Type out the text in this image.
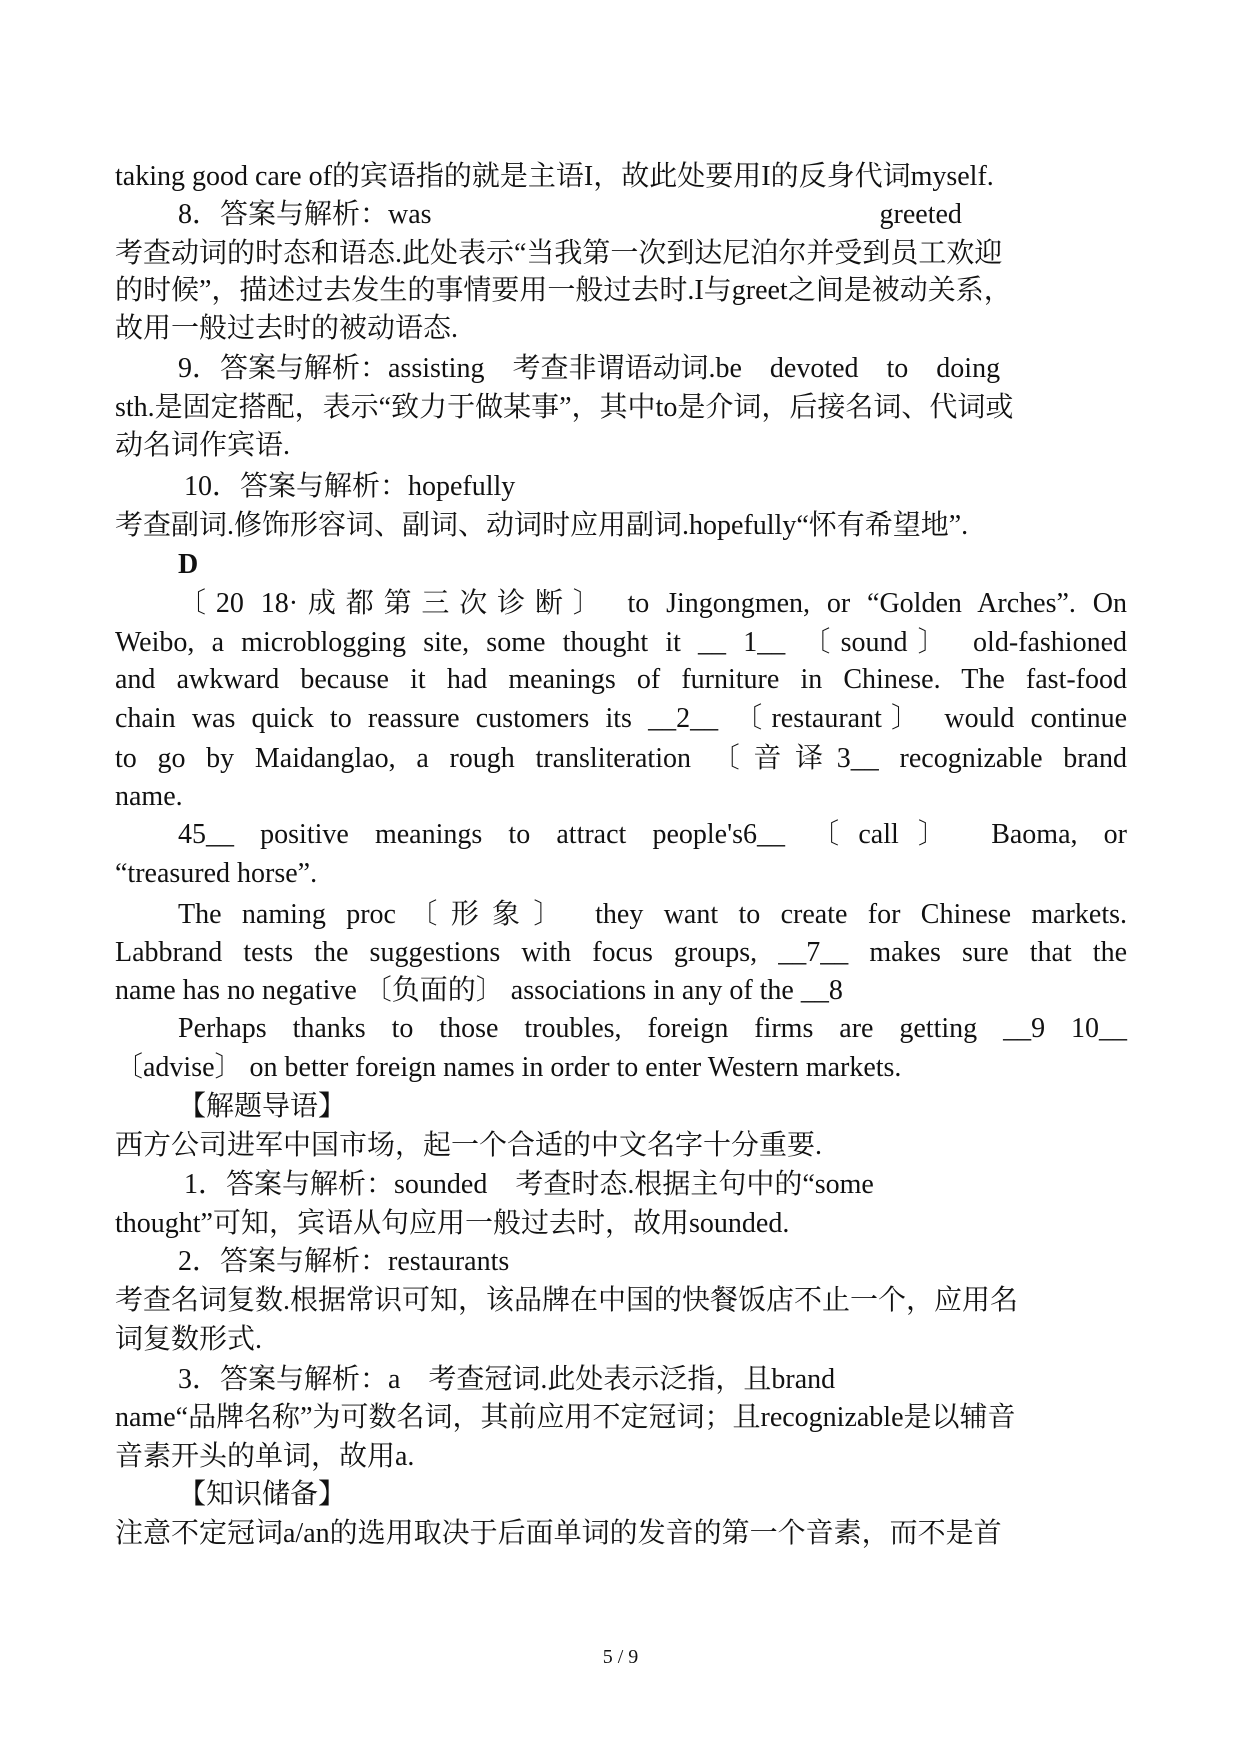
taking good care of的宾语指的就是主语I，故此处要用I的反身代词myself.
8．答案与解析：was　　　　　　　　　　　　　　　　greeted
考查动词的时态和语态.此处表示“当我第一次到达尼泊尔并受到员工欢迎
的时候”，描述过去发生的事情要用一般过去时.I与greet之间是被动关系，
故用一般过去时的被动语态.
9．答案与解析：assisting　考查非谓语动词.be　devoted　to　doing
sth.是固定搭配，表示“致力于做某事”，其中to是介词，后接名词、代词或
动名词作宾语.
10．答案与解析：hopefully
考查副词.修饰形容词、副词、动词时应用副词.hopefully“怀有希望地”.
D
〔20 18·成都第三次诊断〕 to Jingongmen, or “Golden Arches”. On
Weibo, a microblogging site, some thought it __ 1__ 〔sound〕 old-fashioned
and awkward because it had meanings of furniture in Chinese. The fast-food
chain was quick to reassure customers its __2__ 〔restaurant〕 would continue
to go by Maidanglao, a rough transliteration 〔音译3__ recognizable brand
name.
45__ positive meanings to attract people's6__ 〔call〕 Baoma, or
“treasured horse”.
The naming proc〔形象〕 they want to create for Chinese markets.
Labbrand tests the suggestions with focus groups, __7__ makes sure that the
name has no negative 〔负面的〕 associations in any of the __8
Perhaps thanks to those troubles, foreign firms are getting __9 10__
〔advise〕 on better foreign names in order to enter Western markets.
【解题导语】
西方公司进军中国市场，起一个合适的中文名字十分重要.
1．答案与解析：sounded　考查时态.根据主句中的“some
thought”可知，宾语从句应用一般过去时，故用sounded.
2．答案与解析：restaurants
考查名词复数.根据常识可知，该品牌在中国的快餐饭店不止一个，应用名
词复数形式.
3．答案与解析：a　考查冠词.此处表示泛指，且brand
name“品牌名称”为可数名词，其前应用不定冠词；且recognizable是以辅音
音素开头的单词，故用a.
【知识储备】
注意不定冠词a/an的选用取决于后面单词的发音的第一个音素，而不是首
5 / 9
